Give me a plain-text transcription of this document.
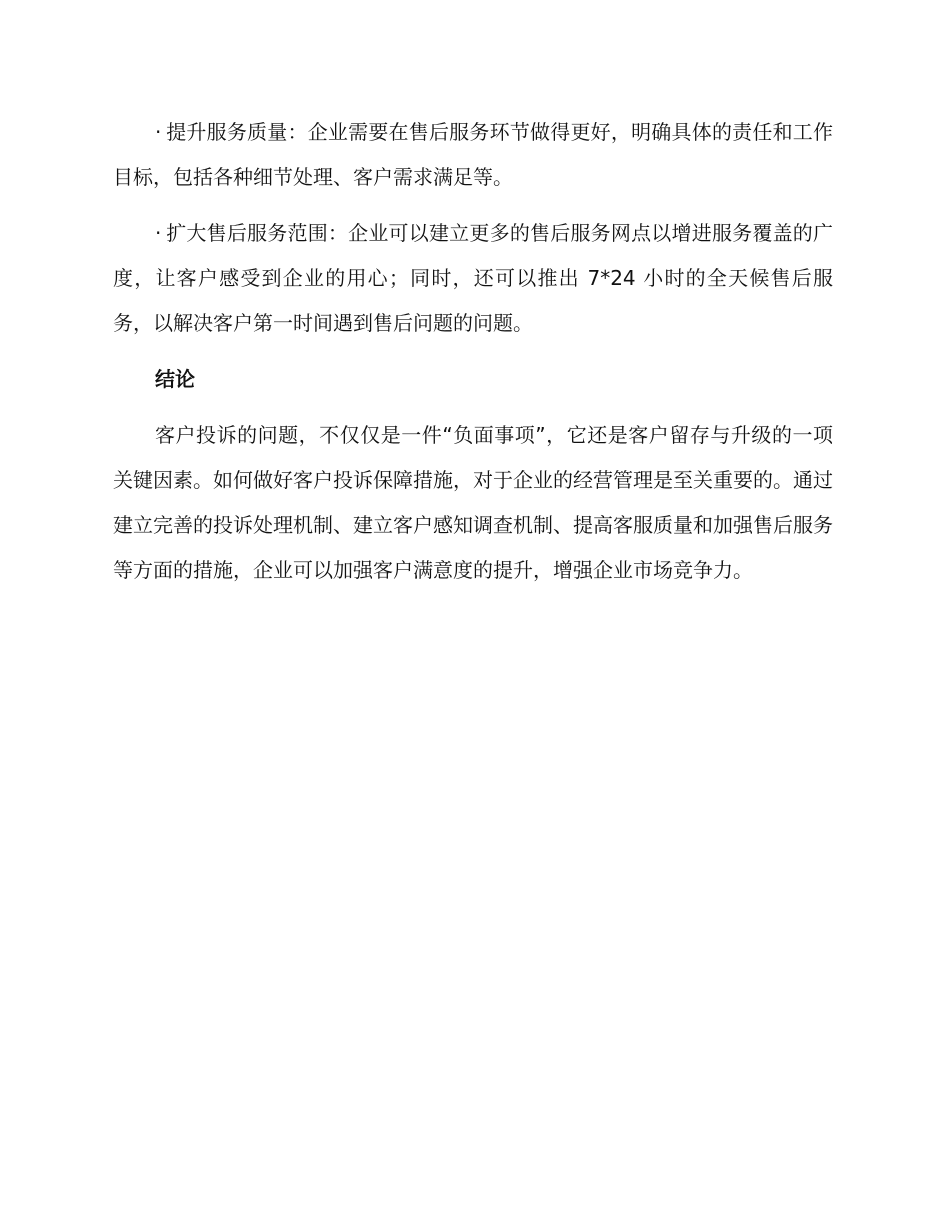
· 提升服务质量：企业需要在售后服务环节做得更好，明确具体的责任和工作目标，包括各种细节处理、客户需求满足等。

· 扩大售后服务范围：企业可以建立更多的售后服务网点以增进服务覆盖的广度，让客户感受到企业的用心；同时，还可以推出 7*24 小时的全天候售后服务，以解决客户第一时间遇到售后问题的问题。

结论

客户投诉的问题，不仅仅是一件“负面事项”，它还是客户留存与升级的一项关键因素。如何做好客户投诉保障措施，对于企业的经营管理是至关重要的。通过建立完善的投诉处理机制、建立客户感知调查机制、提高客服质量和加强售后服务等方面的措施，企业可以加强客户满意度的提升，增强企业市场竞争力。
